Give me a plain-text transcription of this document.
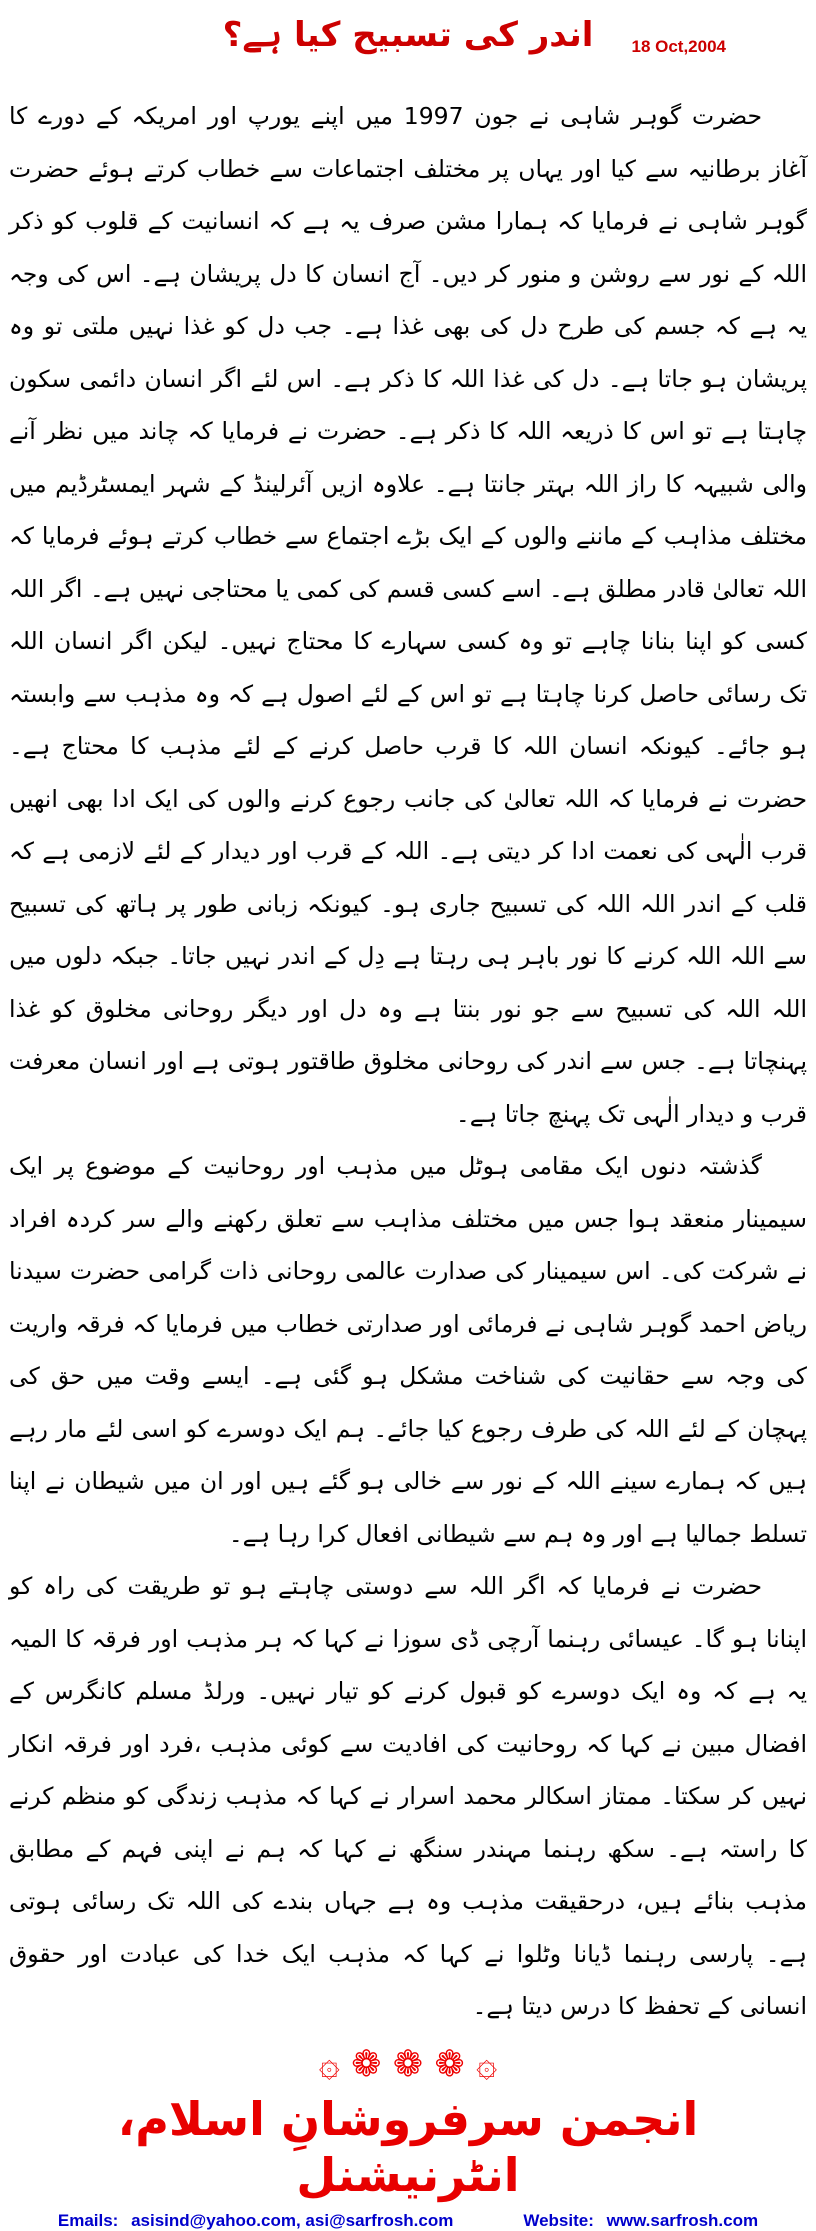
اندر کی تسبیح کیا ہے؟	18 Oct,2004

حضرت گوہر شاہی نے جون 1997 میں اپنے یورپ اور امریکہ کے دورے کا آغاز برطانیہ سے کیا اور یہاں پر مختلف اجتماعات سے خطاب کرتے ہوئے حضرت گوہر شاہی نے فرمایا کہ ہمارا مشن صرف یہ ہے کہ انسانیت کے قلوب کو ذکر اللہ کے نور سے روشن و منور کر دیں۔ آج انسان کا دل پریشان ہے۔ اس کی وجہ یہ ہے کہ جسم کی طرح دل کی بھی غذا ہے۔ جب دل کو غذا نہیں ملتی تو وہ پریشان ہو جاتا ہے۔ دل کی غذا اللہ کا ذکر ہے۔ اس لئے اگر انسان دائمی سکون چاہتا ہے تو اس کا ذریعہ اللہ کا ذکر ہے۔ حضرت نے فرمایا کہ چاند میں نظر آنے والی شبیہہ کا راز اللہ بہتر جانتا ہے۔ علاوہ ازیں آئرلینڈ کے شہر ایمسٹرڈیم میں مختلف مذاہب کے ماننے والوں کے ایک بڑے اجتماع سے خطاب کرتے ہوئے فرمایا کہ اللہ تعالیٰ قادر مطلق ہے۔ اسے کسی قسم کی کمی یا محتاجی نہیں ہے۔ اگر اللہ کسی کو اپنا بنانا چاہے تو وہ کسی سہارے کا محتاج نہیں۔ لیکن اگر انسان اللہ تک رسائی حاصل کرنا چاہتا ہے تو اس کے لئے اصول ہے کہ وہ مذہب سے وابستہ ہو جائے۔ کیونکہ انسان اللہ کا قرب حاصل کرنے کے لئے مذہب کا محتاج ہے۔ حضرت نے فرمایا کہ اللہ تعالیٰ کی جانب رجوع کرنے والوں کی ایک ادا بھی انھیں قرب الٰہی کی نعمت ادا کر دیتی ہے۔ اللہ کے قرب اور دیدار کے لئے لازمی ہے کہ قلب کے اندر اللہ اللہ کی تسبیح جاری ہو۔ کیونکہ زبانی طور پر ہاتھ کی تسبیح سے اللہ اللہ کرنے کا نور باہر ہی رہتا ہے دِل کے اندر نہیں جاتا۔ جبکہ دلوں میں اللہ اللہ کی تسبیح سے جو نور بنتا ہے وہ دل اور دیگر روحانی مخلوق کو غذا پہنچاتا ہے۔ جس سے اندر کی روحانی مخلوق طاقتور ہوتی ہے اور انسان معرفت قرب و دیدار الٰہی تک پہنچ جاتا ہے۔

گذشتہ دنوں ایک مقامی ہوٹل میں مذہب اور روحانیت کے موضوع پر ایک سیمینار منعقد ہوا جس میں مختلف مذاہب سے تعلق رکھنے والے سر کردہ افراد نے شرکت کی۔ اس سیمینار کی صدارت عالمی روحانی ذات گرامی حضرت سیدنا ریاض احمد گوہر شاہی نے فرمائی اور صدارتی خطاب میں فرمایا کہ فرقہ واریت کی وجہ سے حقانیت کی شناخت مشکل ہو گئی ہے۔ ایسے وقت میں حق کی پہچان کے لئے اللہ کی طرف رجوع کیا جائے۔ ہم ایک دوسرے کو اسی لئے مار رہے ہیں کہ ہمارے سینے اللہ کے نور سے خالی ہو گئے ہیں اور ان میں شیطان نے اپنا تسلط جمالیا ہے اور وہ ہم سے شیطانی افعال کرا رہا ہے۔

حضرت نے فرمایا کہ اگر اللہ سے دوستی چاہتے ہو تو طریقت کی راہ کو اپنانا ہو گا۔ عیسائی رہنما آرچی ڈی سوزا نے کہا کہ ہر مذہب اور فرقہ کا المیہ یہ ہے کہ وہ ایک دوسرے کو قبول کرنے کو تیار نہیں۔ ورلڈ مسلم کانگرس کے افضال مبین نے کہا کہ روحانیت کی افادیت سے کوئی مذہب ،فرد اور فرقہ انکار نہیں کر سکتا۔ ممتاز اسکالر محمد اسرار نے کہا کہ مذہب زندگی کو منظم کرنے کا راستہ ہے۔ سکھ رہنما مہندر سنگھ نے کہا کہ ہم نے اپنی فہم کے مطابق مذہب بنائے ہیں، درحقیقت مذہب وہ ہے جہاں بندے کی اللہ تک رسائی ہوتی ہے۔ پارسی رہنما ڈیانا وٹلوا نے کہا کہ مذہب ایک خدا کی عبادت اور حقوق انسانی کے تحفظ کا درس دیتا ہے۔

۞ ❁ ❁ ❁ ۞
انجمن سرفروشانِ اسلام، انٹرنیشنل
Emails: asisind@yahoo.com, asi@sarfrosh.com	Website: www.sarfrosh.com
